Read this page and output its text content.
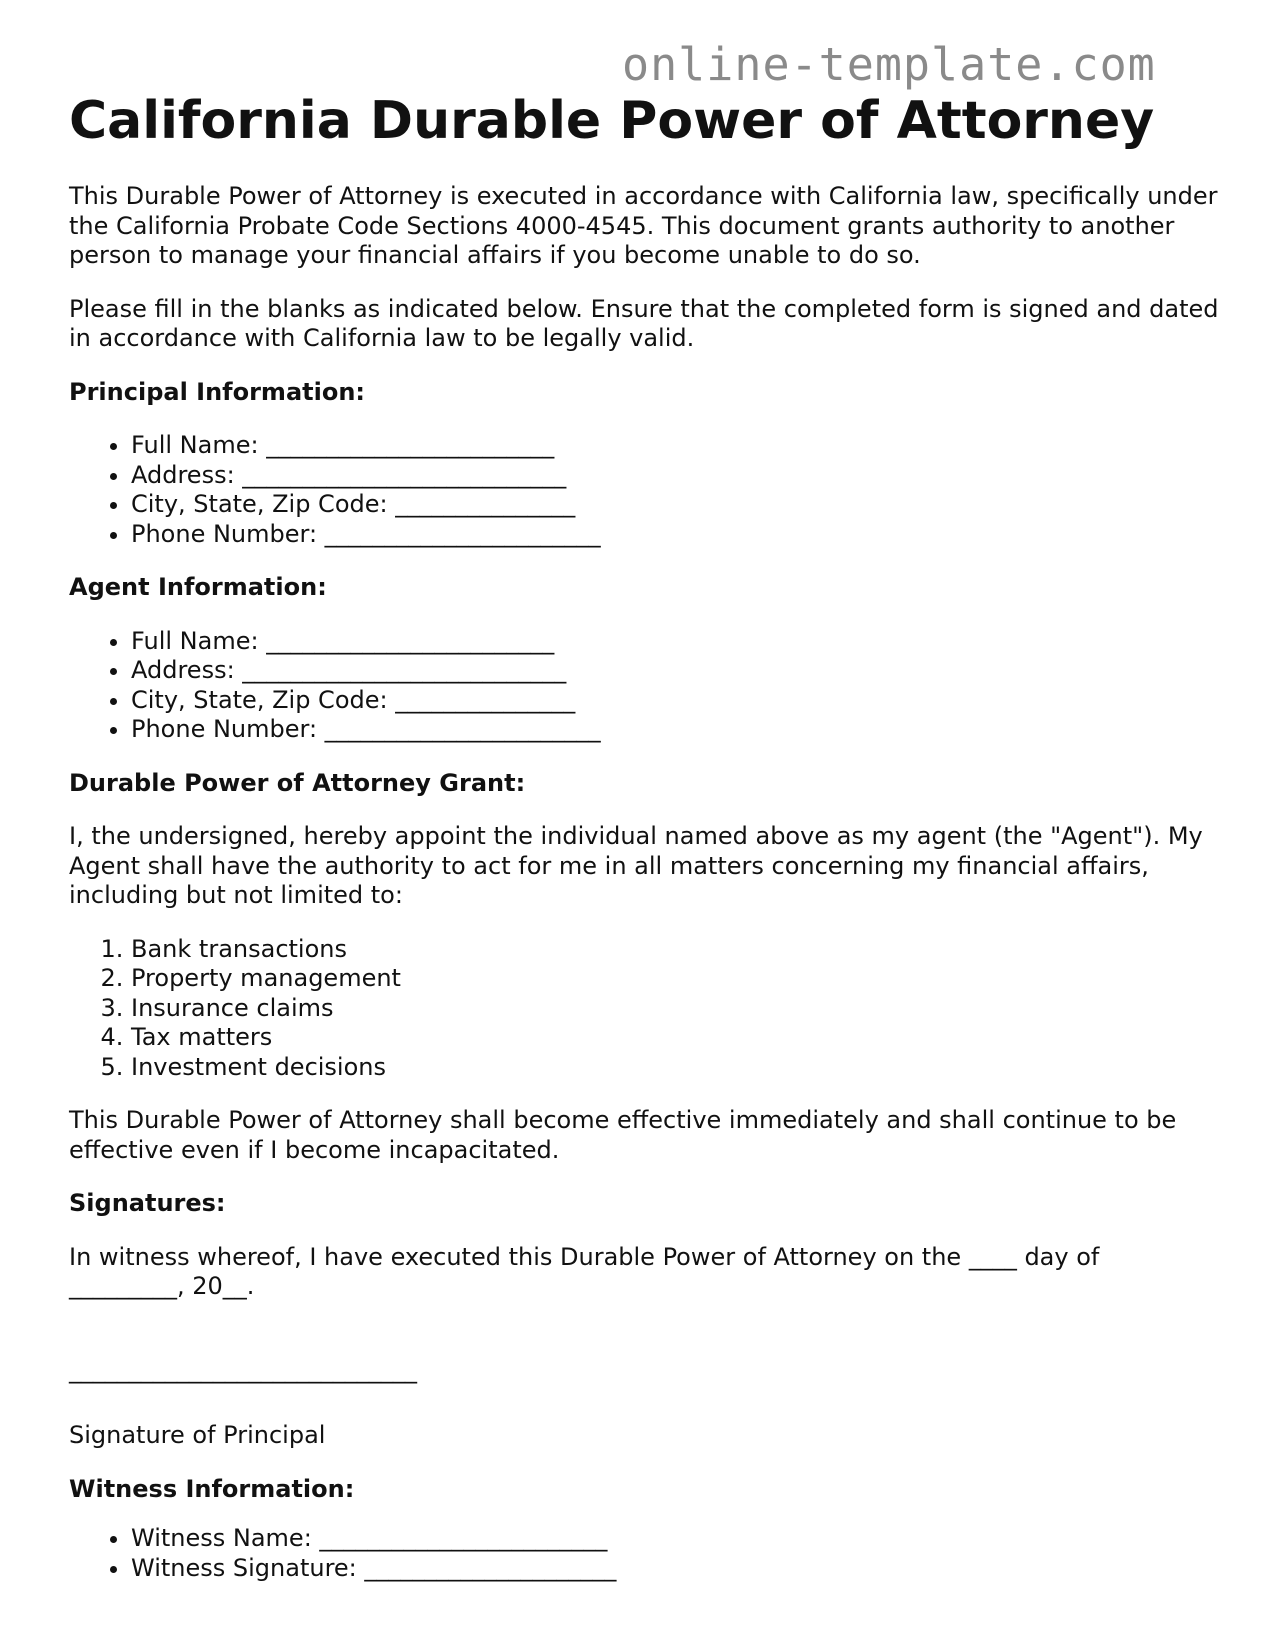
online-template.com
California Durable Power of Attorney

This Durable Power of Attorney is executed in accordance with California law, specifically under the California Probate Code Sections 4000-4545. This document grants authority to another person to manage your financial affairs if you become unable to do so.

Please fill in the blanks as indicated below. Ensure that the completed form is signed and dated in accordance with California law to be legally valid.

Principal Information:

• Full Name: ________________________
• Address: ___________________________
• City, State, Zip Code: _______________
• Phone Number: _______________________

Agent Information:

• Full Name: ________________________
• Address: ___________________________
• City, State, Zip Code: _______________
• Phone Number: _______________________

Durable Power of Attorney Grant:

I, the undersigned, hereby appoint the individual named above as my agent (the "Agent"). My Agent shall have the authority to act for me in all matters concerning my financial affairs, including but not limited to:

1. Bank transactions
2. Property management
3. Insurance claims
4. Tax matters
5. Investment decisions

This Durable Power of Attorney shall become effective immediately and shall continue to be effective even if I become incapacitated.

Signatures:

In witness whereof, I have executed this Durable Power of Attorney on the ____ day of _________, 20__.

_____________________________

Signature of Principal

Witness Information:

• Witness Name: ________________________
• Witness Signature: _____________________
